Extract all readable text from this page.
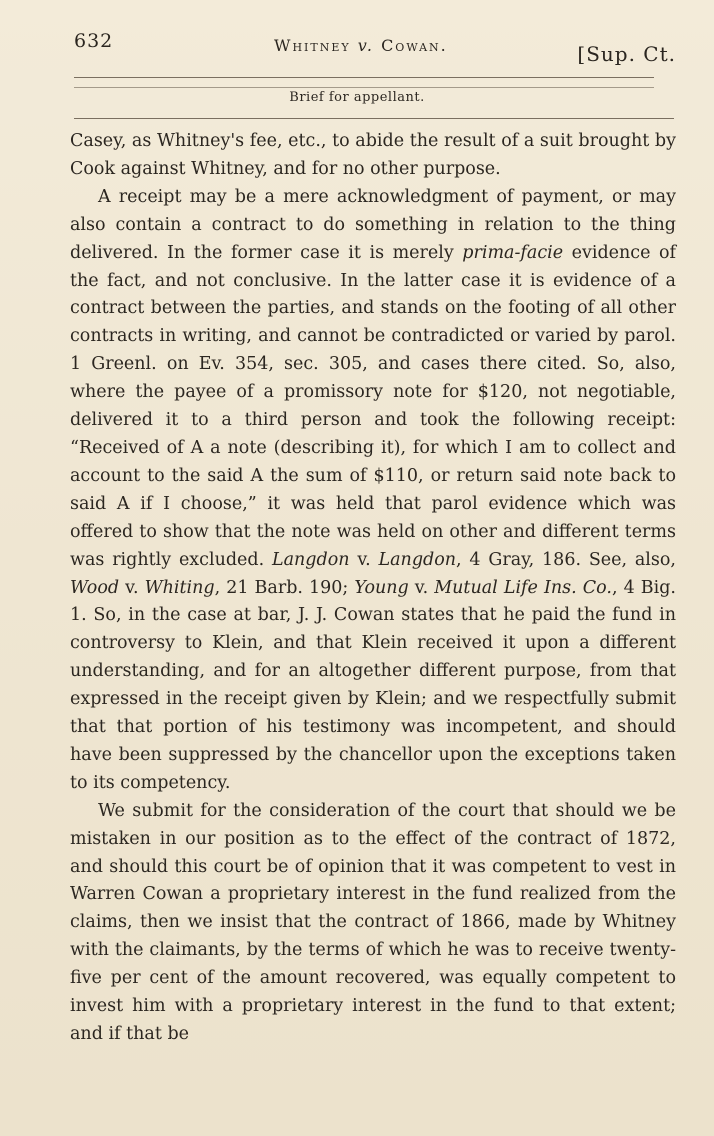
632	Whitney v. Cowan.	[Sup. Ct.
Brief for appellant.

Casey, as Whitney's fee, etc., to abide the result of a suit brought by Cook against Whitney, and for no other purpose.

A receipt may be a mere acknowledgment of payment, or may also contain a contract to do something in relation to the thing delivered. In the former case it is merely prima-facie evidence of the fact, and not conclusive. In the latter case it is evidence of a contract between the parties, and stands on the footing of all other contracts in writing, and cannot be contradicted or varied by parol. 1 Greenl. on Ev. 354, sec. 305, and cases there cited. So, also, where the payee of a promissory note for $120, not negotiable, delivered it to a third person and took the following receipt: “Received of A a note (describing it), for which I am to collect and account to the said A the sum of $110, or return said note back to said A if I choose,” it was held that parol evidence which was offered to show that the note was held on other and different terms was rightly excluded. Langdon v. Langdon, 4 Gray, 186. See, also, Wood v. Whiting, 21 Barb. 190; Young v. Mutual Life Ins. Co., 4 Big. 1. So, in the case at bar, J. J. Cowan states that he paid the fund in controversy to Klein, and that Klein received it upon a different understanding, and for an altogether different purpose, from that expressed in the receipt given by Klein; and we respectfully submit that that portion of his testimony was incompetent, and should have been suppressed by the chancellor upon the exceptions taken to its competency.

We submit for the consideration of the court that should we be mistaken in our position as to the effect of the contract of 1872, and should this court be of opinion that it was competent to vest in Warren Cowan a proprietary interest in the fund realized from the claims, then we insist that the contract of 1866, made by Whitney with the claimants, by the terms of which he was to receive twenty-five per cent of the amount recovered, was equally competent to invest him with a proprietary interest in the fund to that extent; and if that be
